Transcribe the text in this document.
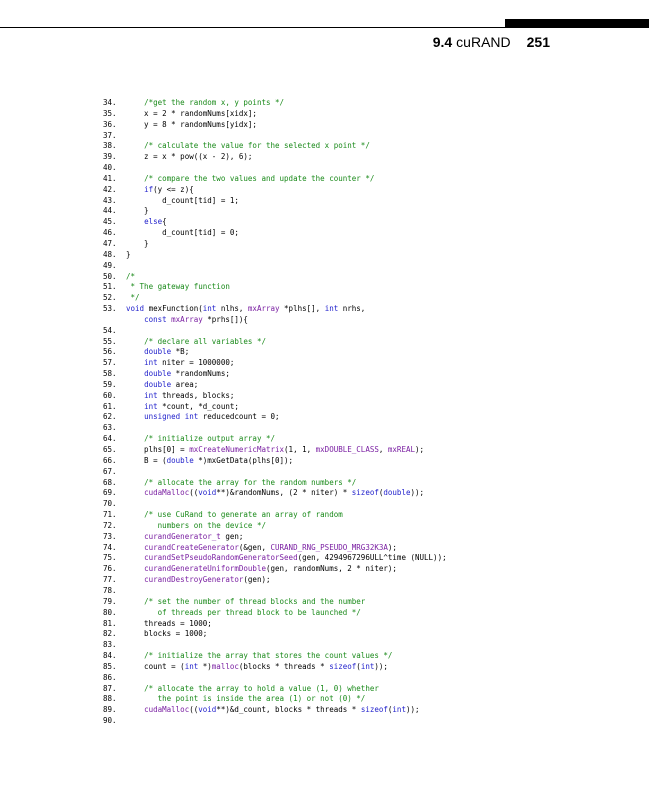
9.4 cuRAND 251
34.	/*get the random x, y points */
35.    x = 2 * randomNums[xidx];
36.    y = 8 * randomNums[yidx];
37.
38.	/* calculate the value for the selected x point */
39.    z = x * pow((x - 2), 6);
40.
41.	/* compare the two values and update the counter */
42.	if(y <= z){
43.        d_count[tid] = 1;
44.    }
45.	else{
46.        d_count[tid] = 0;
47.    }
48. }
49.
50. /*
51. * The gateway function
52. */
53. void mexFunction(int nlhs, mxArray *plhs[], int nrhs,
const mxArray *prhs[]){
54.
55.	/* declare all variables */
56.	double *B;
57.	int niter = 1000000;
58.	double *randomNums;
59.	double area;
60.	int threads, blocks;
61.	int *count, *d_count;
62.	unsigned int reducedcount = 0;
63.
64.	/* initialize output array */
65.    plhs[0] = mxCreateNumericMatrix(1, 1, mxDOUBLE_CLASS, mxREAL);
66.    B = (double *)mxGetData(plhs[0]);
67.
68.	/* allocate the array for the random numbers */
69.	cudaMalloc((void**)&randomNums, (2 * niter) * sizeof(double));
70.
71.	/* use CuRand to generate an array of random
72.       numbers on the device */
73.	curandGenerator_t gen;
74.	curandCreateGenerator(&gen, CURAND_RNG_PSEUDO_MRG32K3A);
75.	curandSetPseudoRandomGeneratorSeed(gen, 4294967296ULL^time (NULL));
76.	curandGenerateUniformDouble(gen, randomNums, 2 * niter);
77.	curandDestroyGenerator(gen);
78.
79.	/* set the number of thread blocks and the number
80.       of threads per thread block to be launched */
81.    threads = 1000;
82.    blocks = 1000;
83.
84.	/* initialize the array that stores the count values */
85.    count = (int *)malloc(blocks * threads * sizeof(int));
86.
87.	/* allocate the array to hold a value (1, 0) whether
88.       the point is inside the area (1) or not (0) */
89.	cudaMalloc((void**)&d_count, blocks * threads * sizeof(int));
90.
